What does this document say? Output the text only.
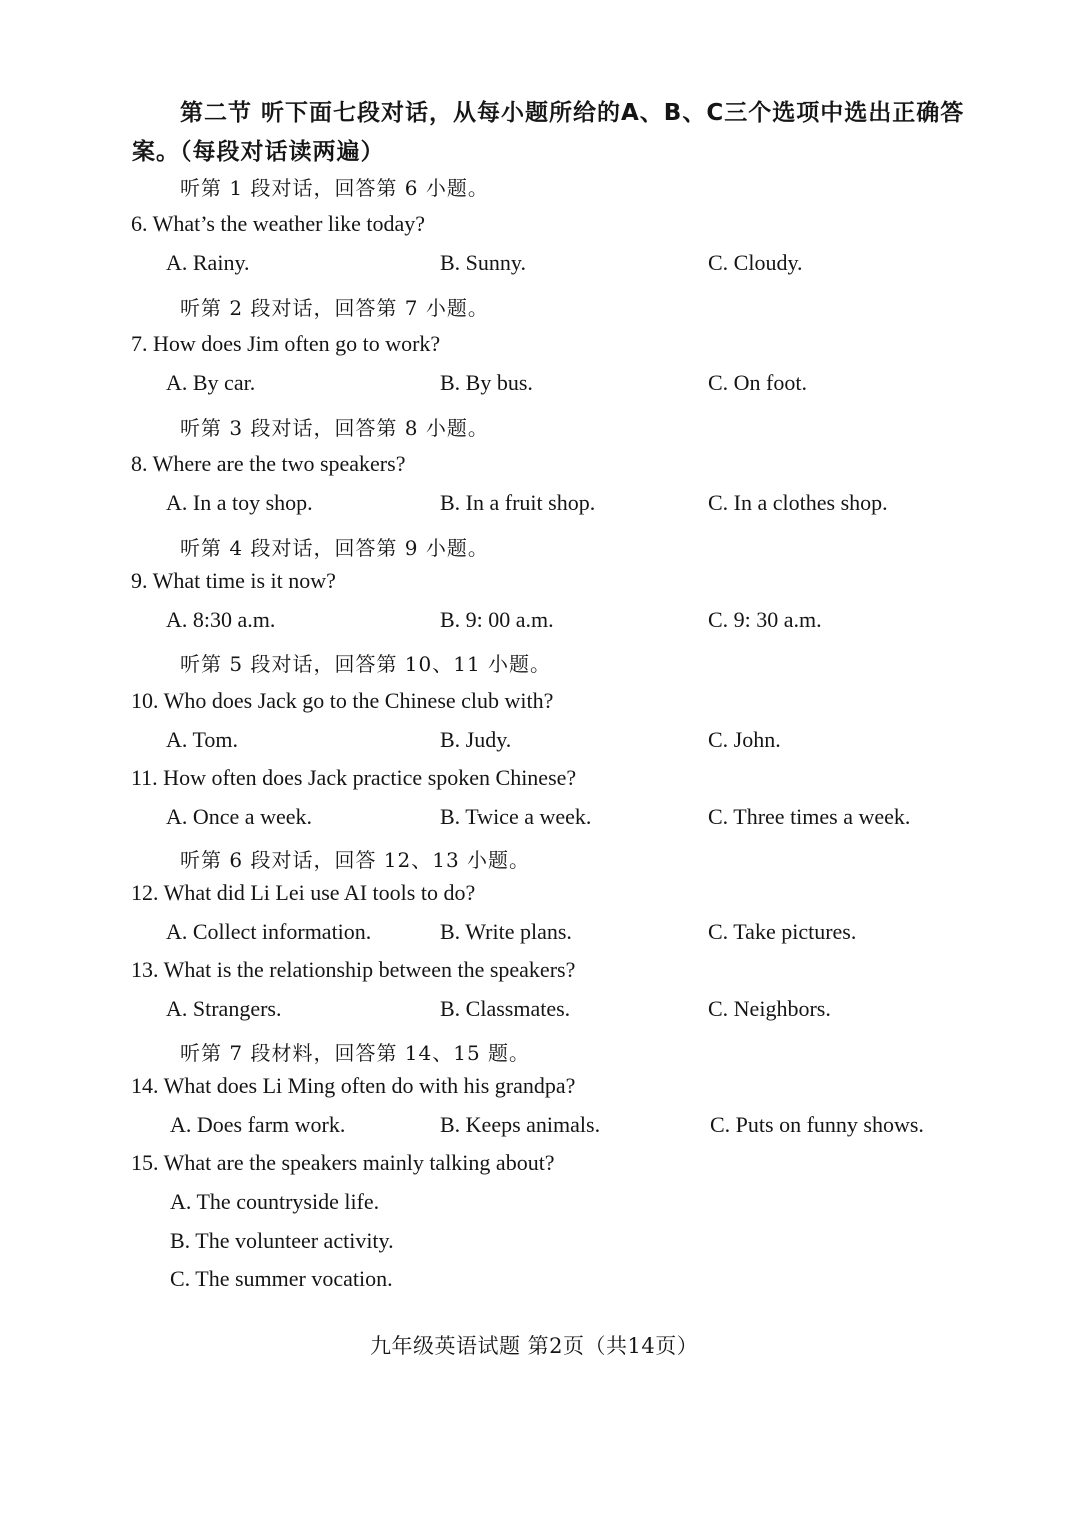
第二节 听下面七段对话，从每小题所给的A、B、C三个选项中选出正确答
案。（每段对话读两遍）
听第 1 段对话，回答第 6 小题。
6. What’s the weather like today?
A. Rainy.	B. Sunny.	C. Cloudy.
听第 2 段对话，回答第 7 小题。
7. How does Jim often go to work?
A. By car.	B. By bus.	C. On foot.
听第 3 段对话，回答第 8 小题。
8. Where are the two speakers?
A. In a toy shop.	B. In a fruit shop.	C. In a clothes shop.
听第 4 段对话，回答第 9 小题。
9. What time is it now?
A. 8:30 a.m.	B. 9: 00 a.m.	C. 9: 30 a.m.
听第 5 段对话，回答第 10、11 小题。
10. Who does Jack go to the Chinese club with?
A. Tom.	B. Judy.	C. John.
11. How often does Jack practice spoken Chinese?
A. Once a week.	B. Twice a week.	C. Three times a week.
听第 6 段对话，回答 12、13 小题。
12. What did Li Lei use AI tools to do?
A. Collect information.	B. Write plans.	C. Take pictures.
13. What is the relationship between the speakers?
A. Strangers.	B. Classmates.	C. Neighbors.
听第 7 段材料，回答第 14、15 题。
14. What does Li Ming often do with his grandpa?
A. Does farm work.	B. Keeps animals.	C. Puts on funny shows.
15. What are the speakers mainly talking about?
A. The countryside life.
B. The volunteer activity.
C. The summer vocation.
九年级英语试题 第2页（共14页）
